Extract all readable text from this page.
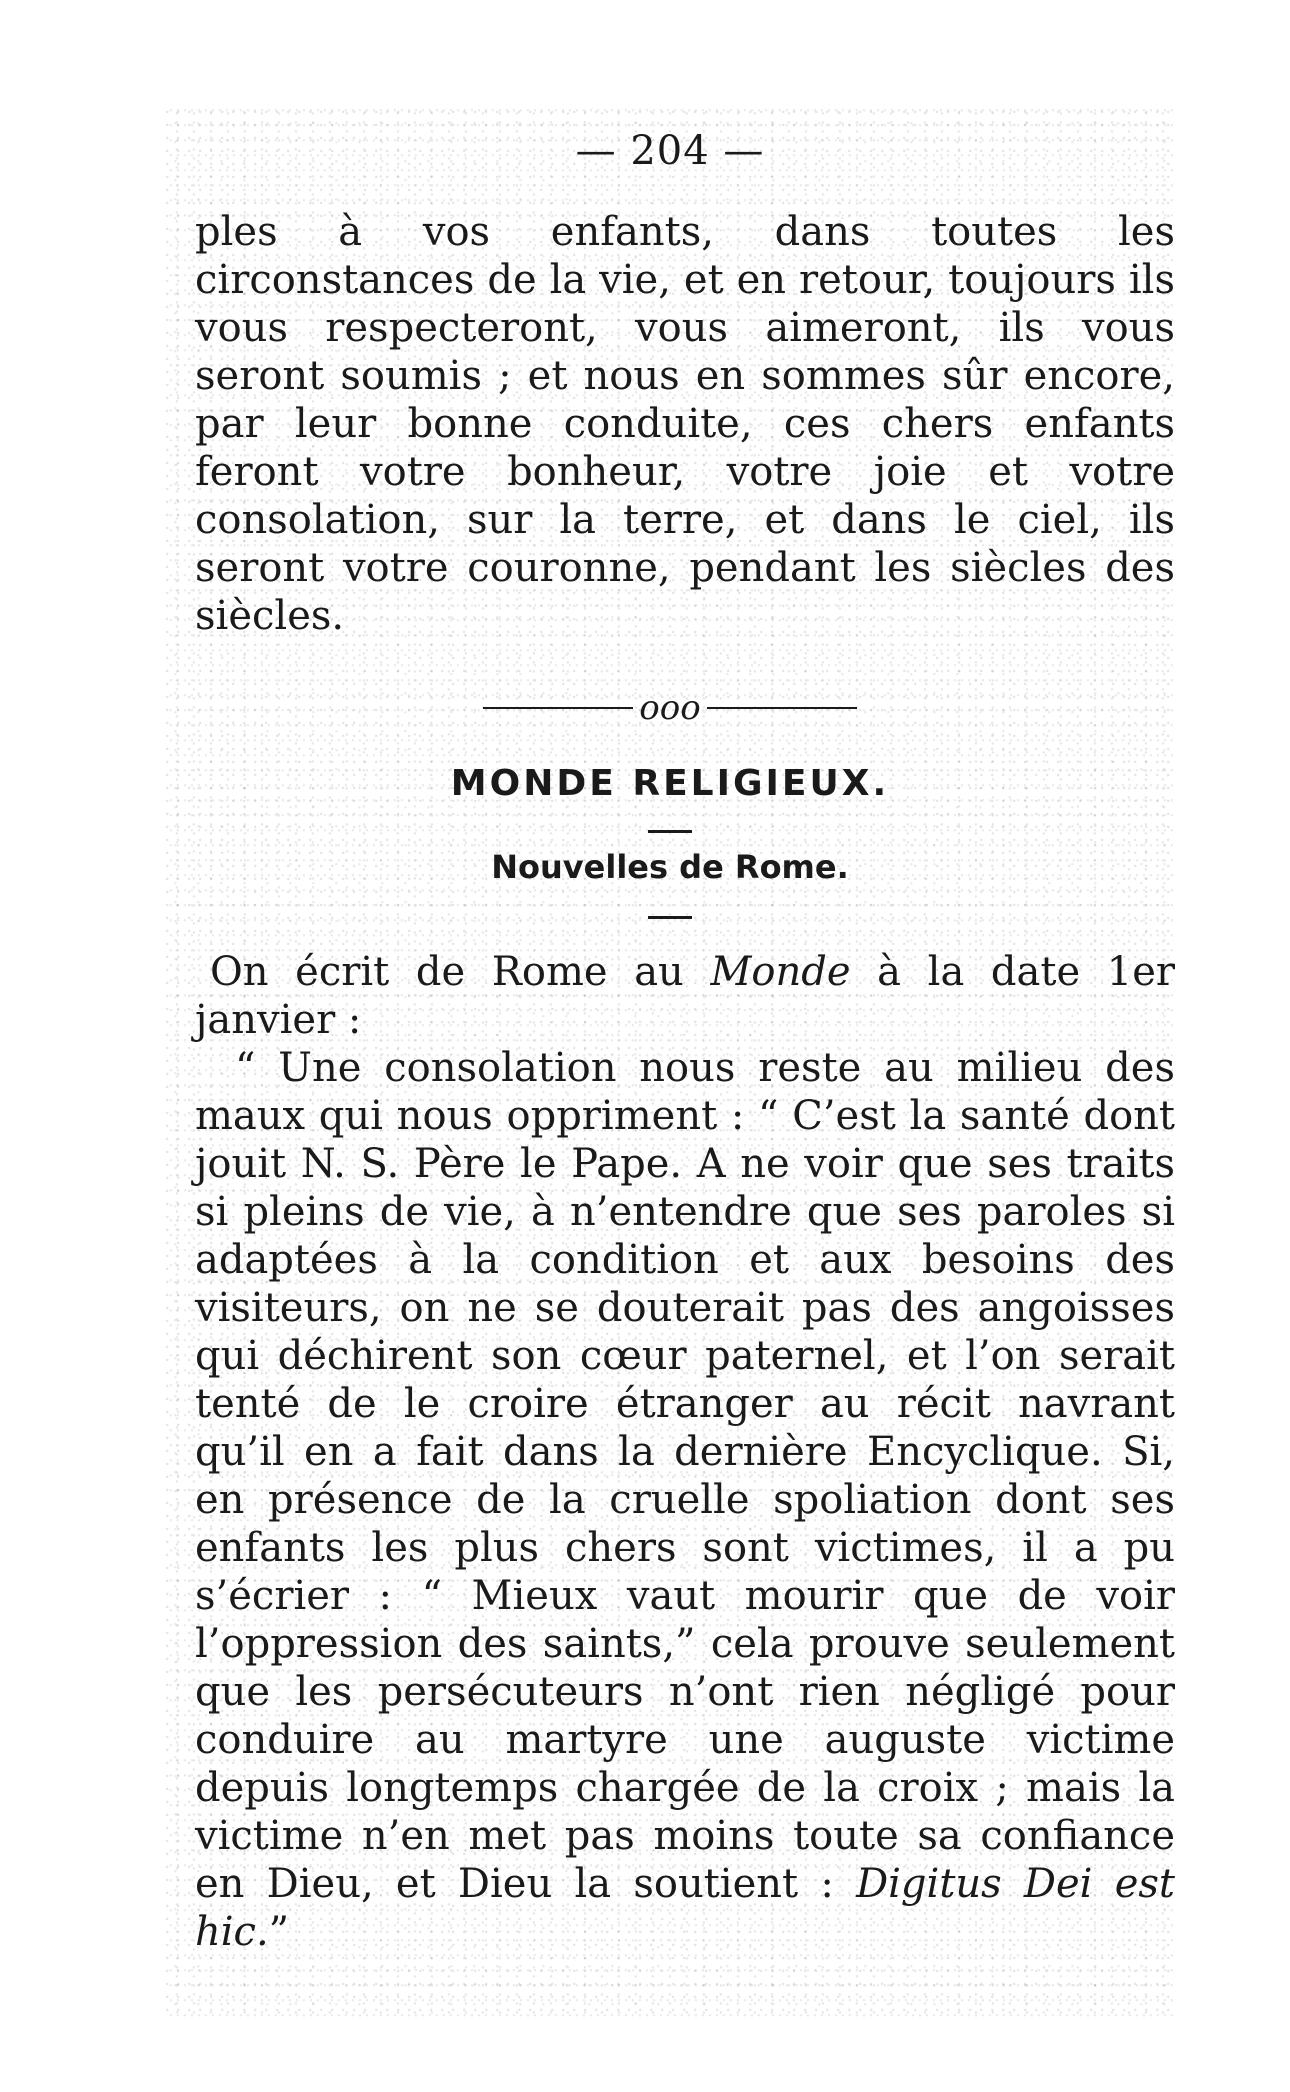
— 204 —

ples à vos enfants, dans toutes les circonstances de la vie, et en retour, toujours ils vous respecteront, vous aimeront, ils vous seront soumis ; et nous en sommes sûr encore, par leur bonne conduite, ces chers enfants feront votre bonheur, votre joie et votre consolation, sur la terre, et dans le ciel, ils seront votre couronne, pendant les siècles des siècles.

ooo
MONDE RELIGIEUX.
Nouvelles de Rome.

On écrit de Rome au Monde à la date 1er janvier :

“ Une consolation nous reste au milieu des maux qui nous oppriment : “ C’est la santé dont jouit N. S. Père le Pape. A ne voir que ses traits si pleins de vie, à n’entendre que ses paroles si adaptées à la condition et aux besoins des visiteurs, on ne se douterait pas des angoisses qui déchirent son cœur paternel, et l’on serait tenté de le croire étranger au récit navrant qu’il en a fait dans la dernière Encyclique. Si, en présence de la cruelle spoliation dont ses enfants les plus chers sont victimes, il a pu s’écrier : “ Mieux vaut mourir que de voir l’oppression des saints,” cela prouve seulement que les persécuteurs n’ont rien négligé pour conduire au martyre une auguste victime depuis longtemps chargée de la croix ; mais la victime n’en met pas moins toute sa confiance en Dieu, et Dieu la soutient : Digitus Dei est hic.”
